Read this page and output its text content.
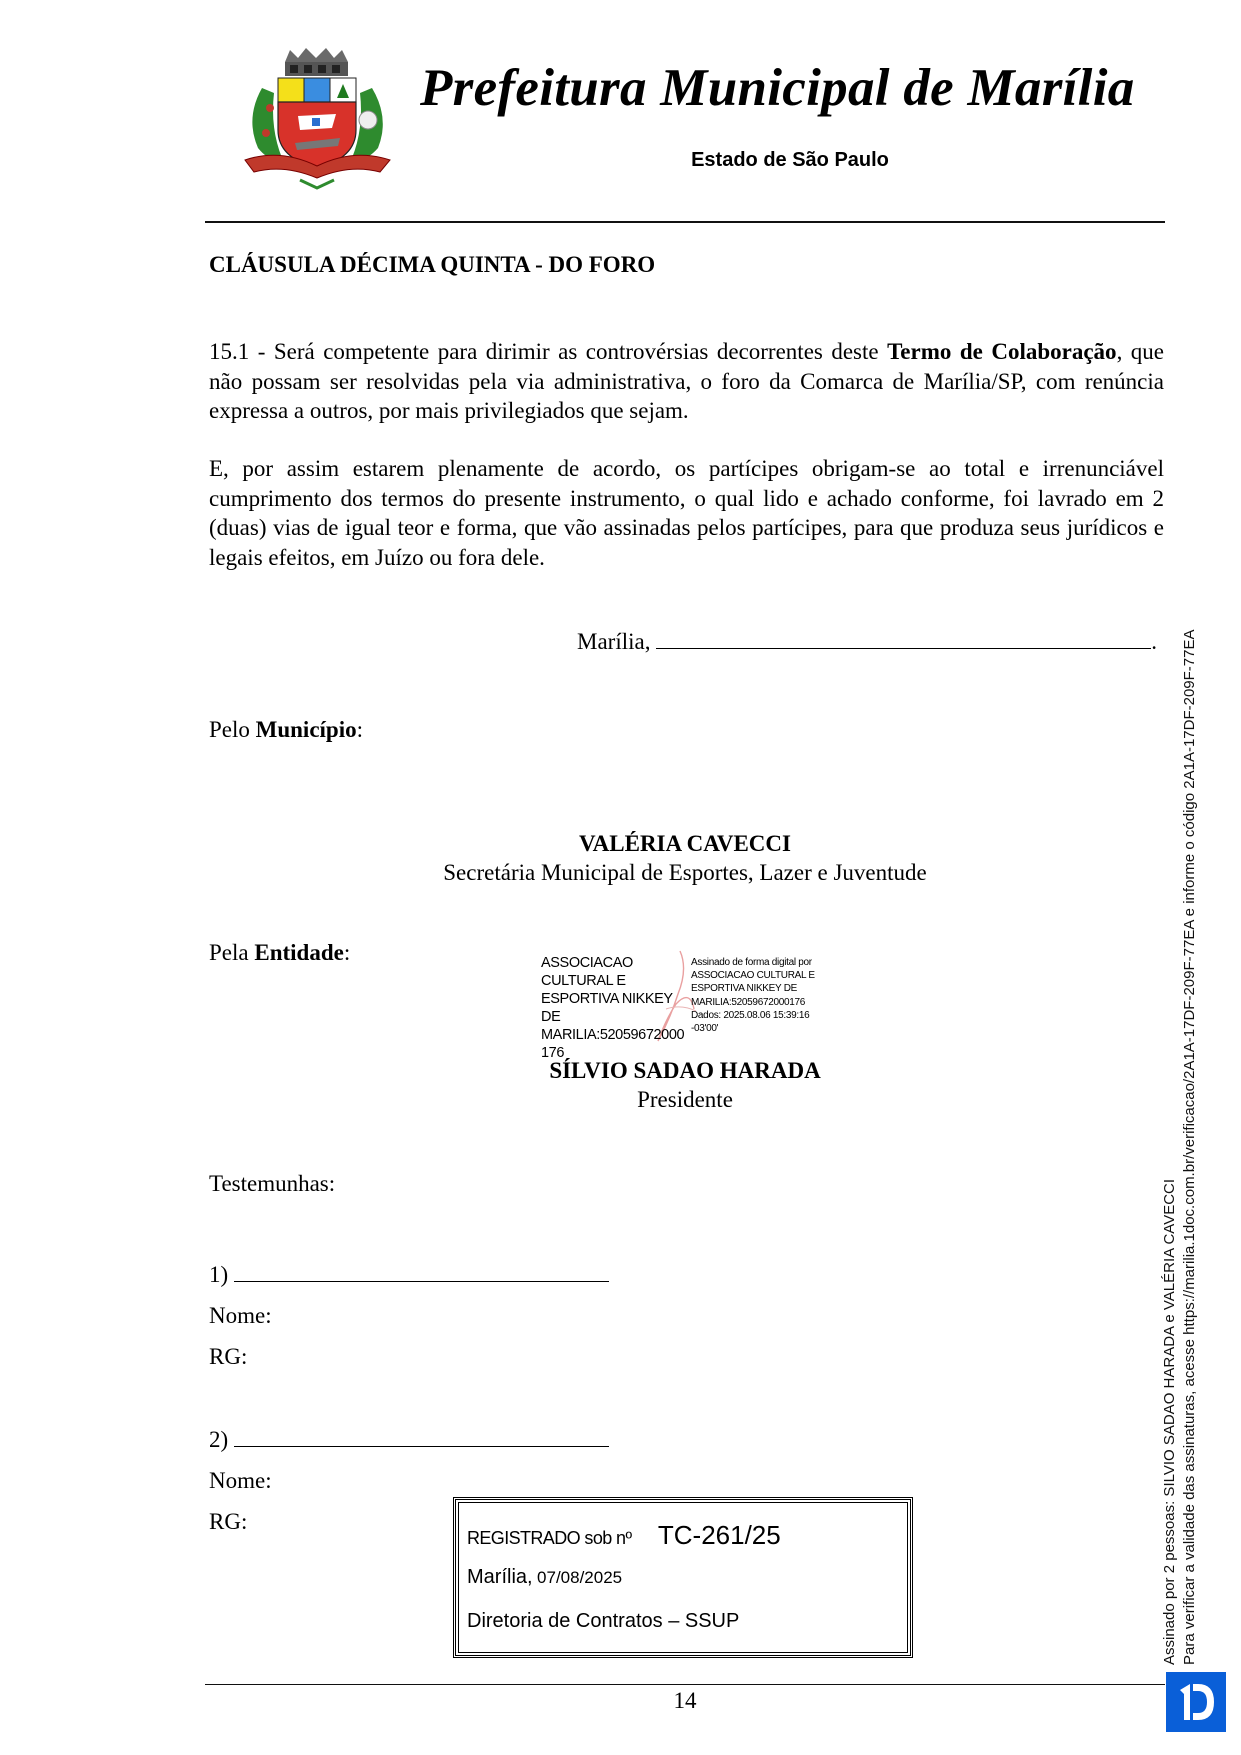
Prefeitura Municipal de Marília
Estado de São Paulo
CLÁUSULA DÉCIMA QUINTA - DO FORO
15.1 - Será competente para dirimir as controvérsias decorrentes deste Termo de Colaboração, que não possam ser resolvidas pela via administrativa, o foro da Comarca de Marília/SP, com renúncia expressa a outros, por mais privilegiados que sejam.
E, por assim estarem plenamente de acordo, os partícipes obrigam-se ao total e irrenunciável cumprimento dos termos do presente instrumento, o qual lido e achado conforme, foi lavrado em 2 (duas) vias de igual teor e forma, que vão assinadas pelos partícipes, para que produza seus jurídicos e legais efeitos, em Juízo ou fora dele.
Marília,	.
Pelo Município:
VALÉRIA CAVECCI
Secretária Municipal de Esportes, Lazer e Juventude
Pela Entidade:	ASSOCIACAO
CULTURAL E
ESPORTIVA NIKKEY DE
MARILIA:52059672000
176
Assinado de forma digital por
ASSOCIACAO CULTURAL E
ESPORTIVA NIKKEY DE
MARILIA:52059672000176
Dados: 2025.08.06 15:39:16
-03'00'
SÍLVIO SADAO HARADA
Presidente
Testemunhas:
1)
Nome:
RG:
2)
Nome:
RG:
REGISTRADO sob nº TC-261/25
Marília, 07/08/2025
Diretoria de Contratos – SSUP
14
Assinado por 2 pessoas: SILVIO SADAO HARADA e VALÉRIA CAVECCI Para verificar a validade das assinaturas, acesse https://marilia.1doc.com.br/verificacao/2A1A-17DF-209F-77EA e informe o código 2A1A-17DF-209F-77EA
